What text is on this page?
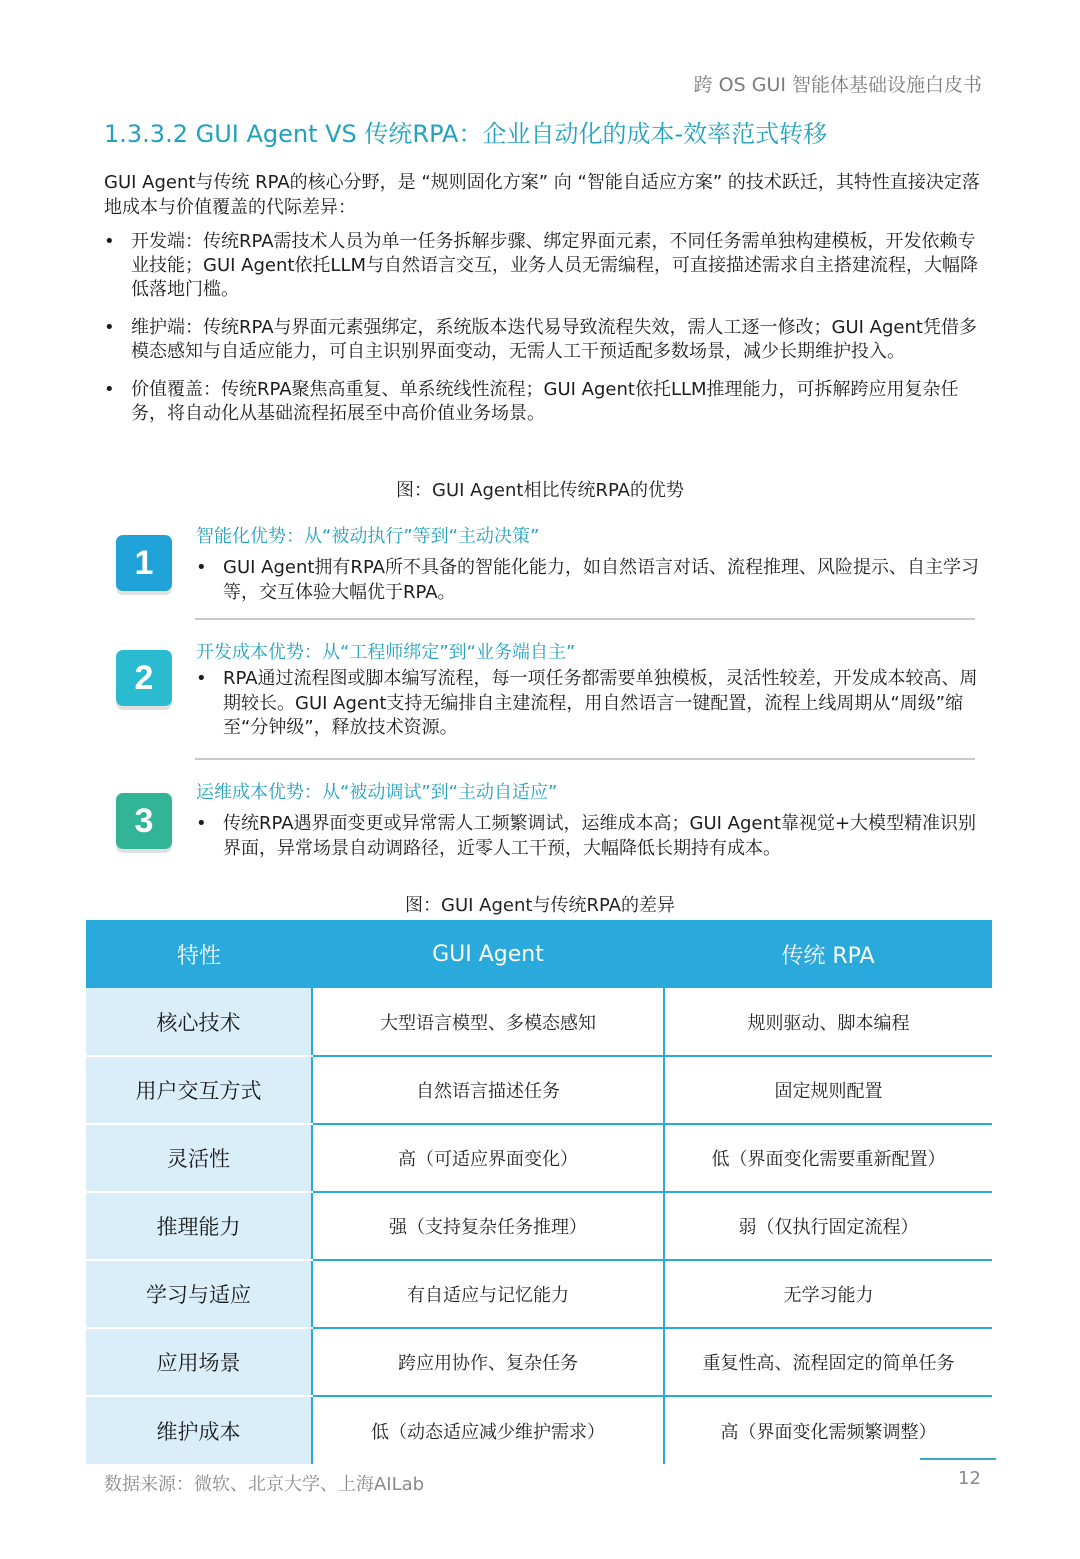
跨 OS GUI 智能体基础设施白皮书
1.3.3.2 GUI Agent VS 传统RPA：企业自动化的成本-效率范式转移

GUI Agent与传统 RPA的核心分野，是 “规则固化方案” 向 “智能自适应方案” 的技术跃迁，其特性直接决定落地成本与价值覆盖的代际差异：

• 开发端：传统RPA需技术人员为单一任务拆解步骤、绑定界面元素，不同任务需单独构建模板，开发依赖专业技能；GUI Agent依托LLM与自然语言交互，业务人员无需编程，可直接描述需求自主搭建流程，大幅降低落地门槛。
• 维护端：传统RPA与界面元素强绑定，系统版本迭代易导致流程失效，需人工逐一修改；GUI Agent凭借多模态感知与自适应能力，可自主识别界面变动，无需人工干预适配多数场景，减少长期维护投入。
• 价值覆盖：传统RPA聚焦高重复、单系统线性流程；GUI Agent依托LLM推理能力，可拆解跨应用复杂任务，将自动化从基础流程拓展至中高价值业务场景。
图：GUI Agent相比传统RPA的优势
1
智能化优势：从“被动执行”等到“主动决策”
• GUI Agent拥有RPA所不具备的智能化能力，如自然语言对话、流程推理、风险提示、自主学习等，交互体验大幅优于RPA。
2
开发成本优势：从“工程师绑定”到“业务端自主”
• RPA通过流程图或脚本编写流程，每一项任务都需要单独模板，灵活性较差，开发成本较高、周期较长。GUI Agent支持无编排自主建流程，用自然语言一键配置，流程上线周期从“周级”缩至“分钟级”，释放技术资源。
3
运维成本优势：从“被动调试”到“主动自适应”
• 传统RPA遇界面变更或异常需人工频繁调试，运维成本高；GUI Agent靠视觉+大模型精准识别界面，异常场景自动调路径，近零人工干预，大幅降低长期持有成本。
图：GUI Agent与传统RPA的差异
特性	GUI Agent	传统 RPA
核心技术	大型语言模型、多模态感知	规则驱动、脚本编程
用户交互方式	自然语言描述任务	固定规则配置
灵活性	高（可适应界面变化）	低（界面变化需要重新配置）
推理能力	强（支持复杂任务推理）	弱（仅执行固定流程）
学习与适应	有自适应与记忆能力	无学习能力
应用场景	跨应用协作、复杂任务	重复性高、流程固定的简单任务
维护成本	低（动态适应减少维护需求）	高（界面变化需频繁调整）
数据来源：微软、北京大学、上海AILab	12
